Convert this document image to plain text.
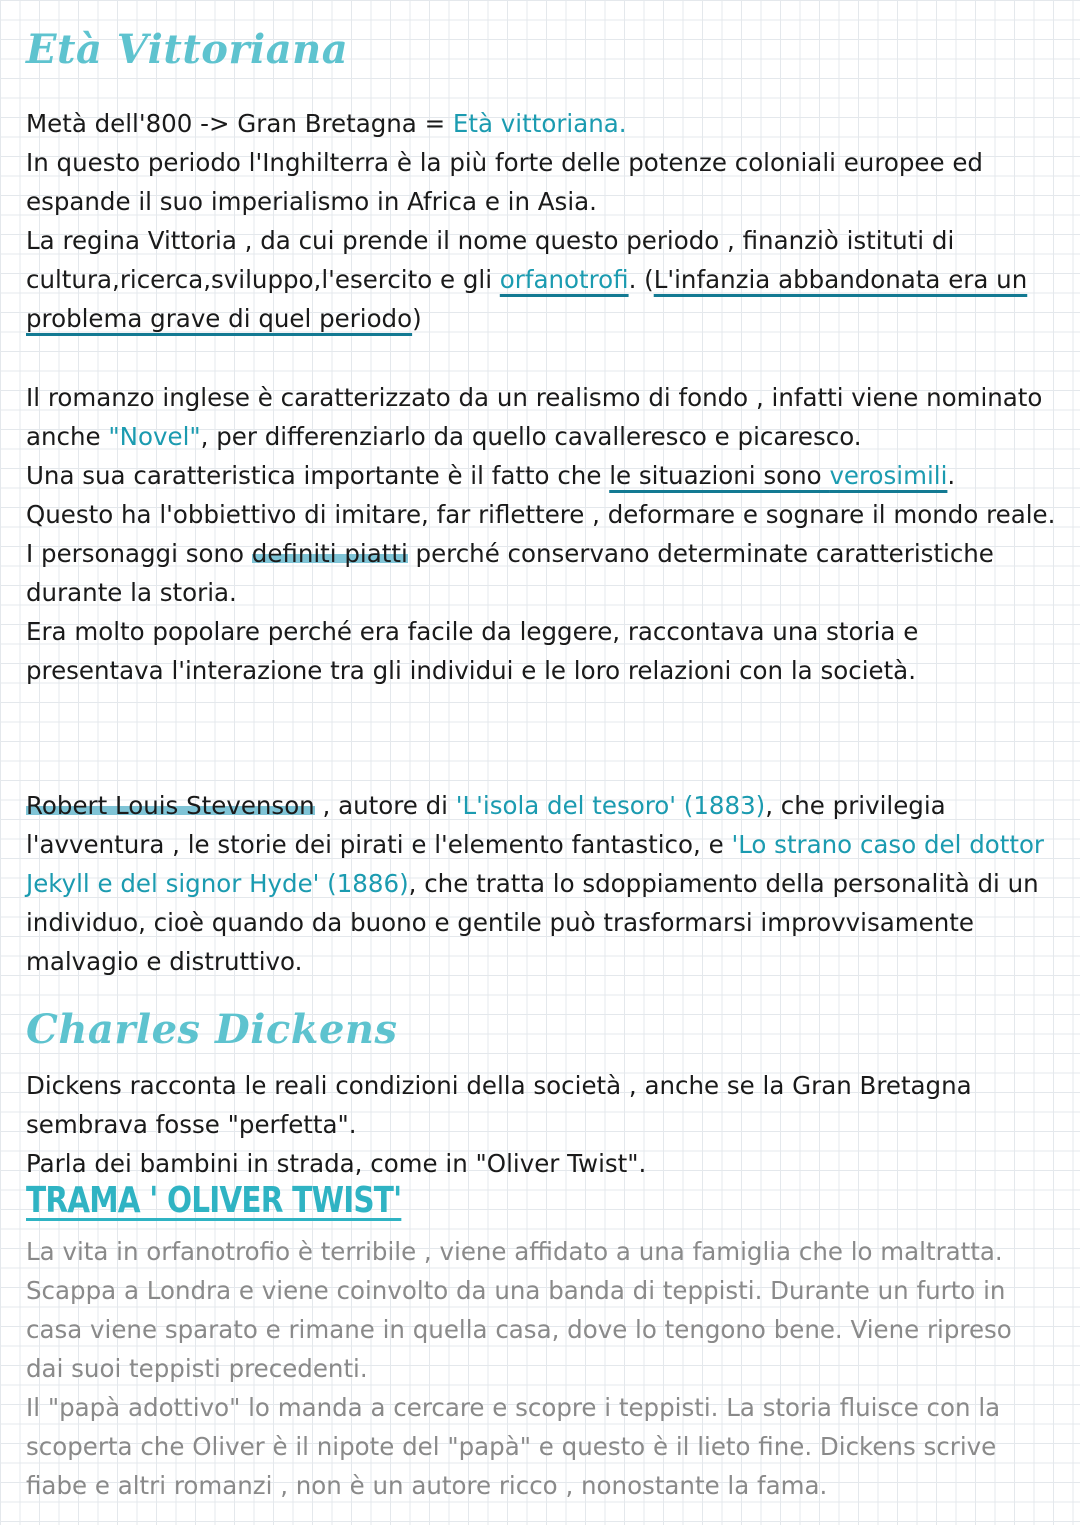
Età Vittoriana

Metà dell'800 -> Gran Bretagna = Età vittoriana.
In questo periodo l'Inghilterra è la più forte delle potenze coloniali europee ed espande il suo imperialismo in Africa e in Asia.
La regina Vittoria , da cui prende il nome questo periodo , finanziò istituti di cultura,ricerca,sviluppo,l'esercito e gli orfanotrofi. (L'infanzia abbandonata era un problema grave di quel periodo)

Il romanzo inglese è caratterizzato da un realismo di fondo , infatti viene nominato anche "Novel", per differenziarlo da quello cavalleresco e picaresco.
Una sua caratteristica importante è il fatto che le situazioni sono verosimili.
Questo ha l'obbiettivo di imitare, far riflettere , deformare e sognare il mondo reale.
I personaggi sono definiti piatti perché conservano determinate caratteristiche durante la storia.
Era molto popolare perché era facile da leggere, raccontava una storia e presentava l'interazione tra gli individui e le loro relazioni con la società.

Robert Louis Stevenson , autore di 'L'isola del tesoro' (1883), che privilegia l'avventura , le storie dei pirati e l'elemento fantastico, e 'Lo strano caso del dottor Jekyll e del signor Hyde' (1886), che tratta lo sdoppiamento della personalità di un individuo, cioè quando da buono e gentile può trasformarsi improvvisamente malvagio e distruttivo.

Charles Dickens

Dickens racconta le reali condizioni della società , anche se la Gran Bretagna sembrava fosse "perfetta".
Parla dei bambini in strada, come in "Oliver Twist".

TRAMA ' OLIVER TWIST'

La vita in orfanotrofio è terribile , viene affidato a una famiglia che lo maltratta. Scappa a Londra e viene coinvolto da una banda di teppisti. Durante un furto in casa viene sparato e rimane in quella casa, dove lo tengono bene. Viene ripreso dai suoi teppisti precedenti.
Il "papà adottivo" lo manda a cercare e scopre i teppisti. La storia fluisce con la scoperta che Oliver è il nipote del "papà" e questo è il lieto fine. Dickens scrive fiabe e altri romanzi , non è un autore ricco , nonostante la fama.
